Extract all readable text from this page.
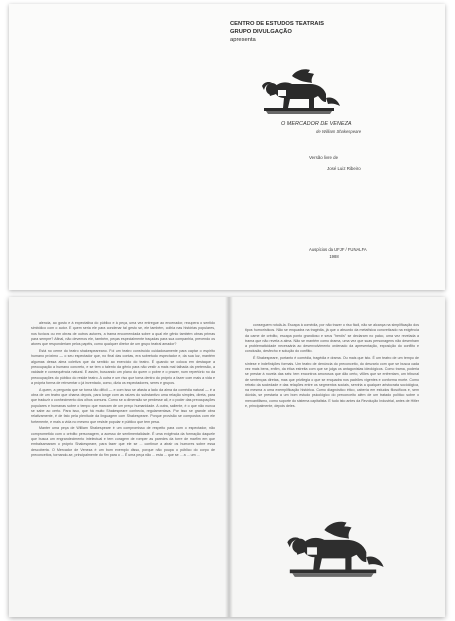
CENTRO DE ESTUDOS TEATRAIS
GRUPO DIVULGAÇÃO
apresenta
O MERCADOR DE VENEZA
de William Shakespeare
Versão livre de
José Luiz Ribeiro
Auspícios da UFJF / FUNALFA
1988

alencia, ao gosto e à expectativa do público e à peça, uma vez entregue ao encenador, recupera o sentido simbólico com o autor. E quem seria ele para condenar tal gesto se, ele também, colhia nas histórias populares, nos fuxicos ou em obras de outros autores, a trama encomendada sobre a qual ele gênio também obras primas para sempre? Afinal, não devemos ele, também, peças especialmente traçadas para sua companhia, prevendo os atores que responderiam pelos papéis, como qualquer diretor de um grupo teatral amador?

Está no cerne do teatro shakespeareano. Foi um teatro construído cuidadosamente para captar o espírito humano próximo — o seu espectador que, no final das contas, era sobretudo espectador e, da sua luz, mantém algumas dessa alma coletiva que da sentido ao exercício do teatro. É quando se coloca em destaque a preocupação a humano concreto, e se tem o talento da gênio para não vestir a mais mal talhada da pretensão, a vaidade e consequência natural. E assim, buscando um plano do quem o pobre e o prazer, num repertório no da preocupações do público do reside teatro. A outra e um riso que toma dentro do próprio a fazer com mais a vida e a própria forma de reinventar o já inventado, como, dizia os espectadores, seres e grupos.

A quem, a pergunta que se torna tão difícil — e com isso se afasta a lado da alma da comédia natural — é a obra de um teatro que chama depois, para longe com as raízes do substantivo uma relação simples, direta, para que traduzir o conhecimento dos olhos comuns. Como se a dimensão se perdesse ali, e o poder das preocupações populares e humanas sobre o tempo que marcam de um preço humanidade. A outra, saliente, é o que não nunca se sabe ao certo. Para isso, que há muito Shakespeare conhecia, regulamentava. Por isso se grande obra relativamente, é de fato pela plenitude da linguagem com Shakespeare. Porque provisão se compostos com ele fortemente, e mais a vida no mesmo que resiste popular e público que tem pesa.

Manter uma peça de William Shakespeare é um compromisso de respeito para com o espectador, não comprometido com o crédito personagem, a acesso de sentimentalidade. É uma exigência da formação daquele que busca um engrandecimento intelectual e tem coragem de romper as paredes da torre de marfim em que embalsamaram o próprio Shakespeare, para fazer que ele se ... continue a atrair os humores sobre essa descoberta. O Mercador de Veneza é um bom exemplo disso, porque não poupa o público do corpo de preconceitos, tornando-se, principalmente do fim para o ... É uma peça não ... esta ... que se ... a ... um ...

conseguem rotulá-la. Escapa à comédia, por não trazer o riso fácil, não se alcança na simplificação dos tipos humorísticos. Não se enquadra na tragédia, já que o absurdo da metafísica concretizado na exigência da carne de crédito, escapa ponto grandioso e seus "heróis" se declaram no palco, uma vez revelada a trama que não revela a alma. Não se mantém como drama, uma vez que suas personagens não desenham a problematicidade necessária ao desenvolvimento ordenado da apresentação, exposição do conflito e conclusão, desfecho e solução do conflito.

É Shakespeare, portanto é comédia, tragédia e drama. Ou mais que isto. É um teatro de um tempo de síntese e indefinições formais. Um teatro de denúncia do preconceito, do desvario com que se busca cada vez mais bens, enfim, da ética estreita com que se julga os antagonistas ideológicos. Como trama, poderia se prestar à novela das seis: tem encontros amorosos que dão certo, vilões que se enfrentam, um tribunal de sentenças diretas, mas que privilegia o que se enquadra nos padrões vigentes e conforma morte. Como retrato da sociedade e das relações entre os segmentos sociais, serviria a qualquer aristocrata sociológica, na mesma a uma exemplificação histórica. Como diagnóstico ético, cabería em estudos filosóficos e, sem dúvida, se prestaria a um bom estudo psicológico do preconceito além de um tratado político sobre o mercantilismo, como suporte do sistema capitalista. E tudo isto antes da Revolução Industrial, antes de Hitler e, principalmente, depois deles.
